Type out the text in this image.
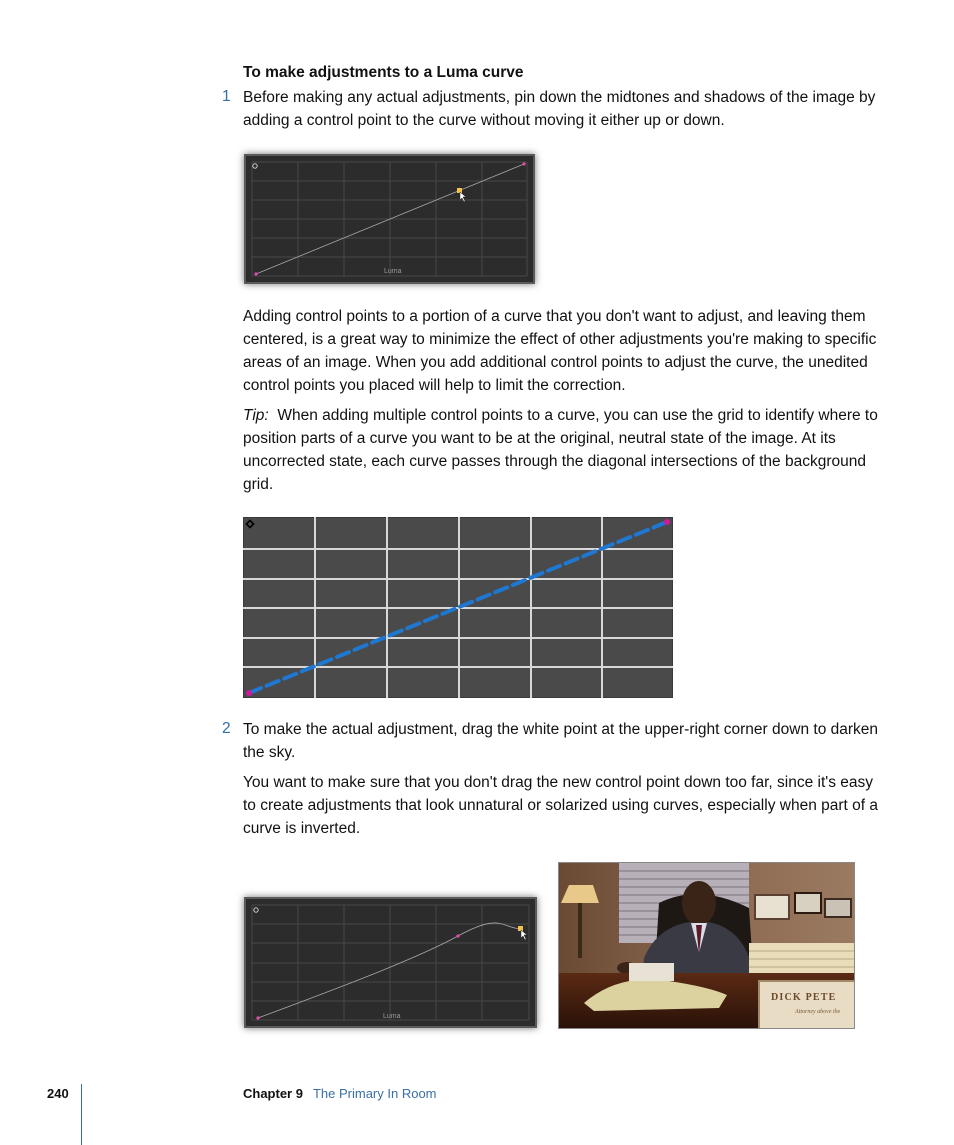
To make adjustments to a Luma curve
1 Before making any actual adjustments, pin down the midtones and shadows of the image by adding a control point to the curve without moving it either up or down.

Luma

Adding control points to a portion of a curve that you don't want to adjust, and leaving them centered, is a great way to minimize the effect of other adjustments you're making to specific areas of an image. When you add additional control points to adjust the curve, the unedited control points you placed will help to limit the correction.

Tip: When adding multiple control points to a curve, you can use the grid to identify where to position parts of a curve you want to be at the original, neutral state of the image. At its uncorrected state, each curve passes through the diagonal intersections of the background grid.

2 To make the actual adjustment, drag the white point at the upper-right corner down to darken the sky.

You want to make sure that you don't drag the new control point down too far, since it's easy to create adjustments that look unnatural or solarized using curves, especially when part of a curve is inverted.

Luma
DICK PETE
Attorney above the
240	Chapter 9 The Primary In Room
